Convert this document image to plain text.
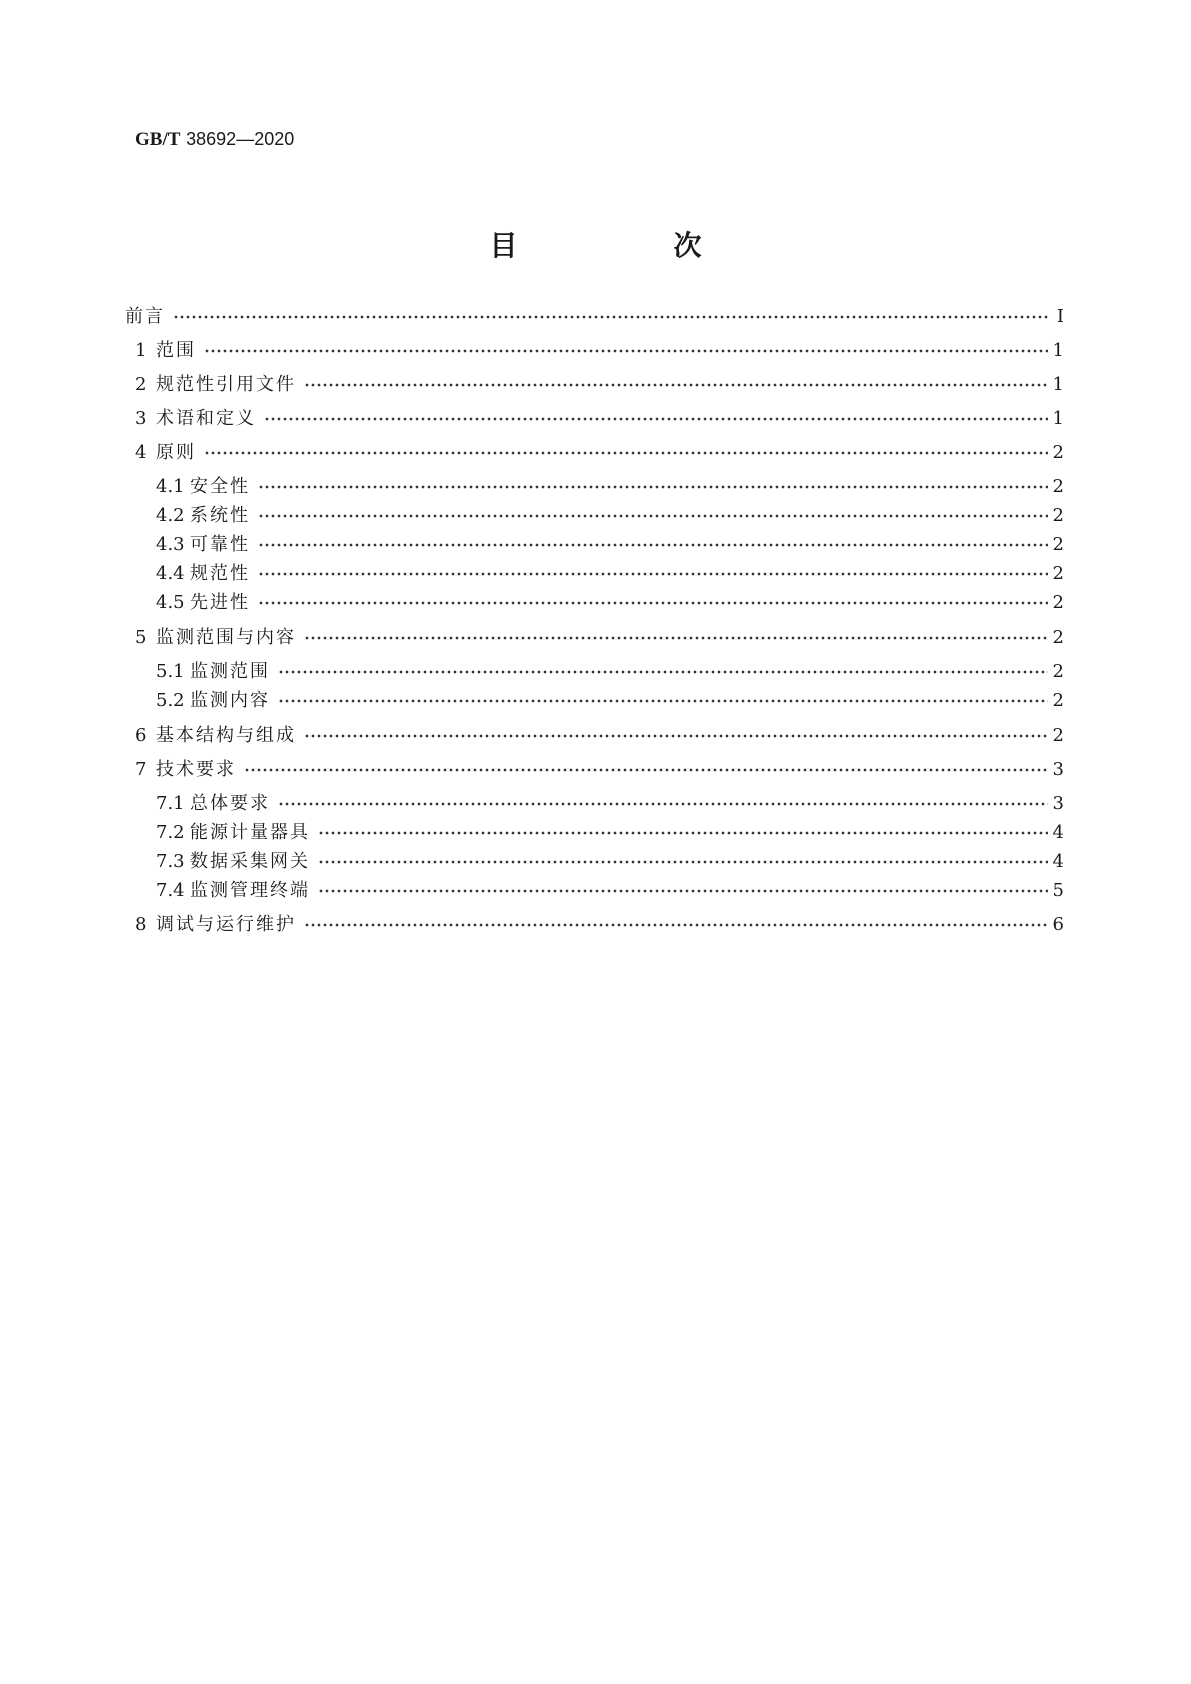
GB/T 38692—2020
目　次
前言	Ⅰ
1 范围	1
2 规范性引用文件	1
3 术语和定义	1
4 原则	2
4.1 安全性	2
4.2 系统性	2
4.3 可靠性	2
4.4 规范性	2
4.5 先进性	2
5 监测范围与内容	2
5.1 监测范围	2
5.2 监测内容	2
6 基本结构与组成	2
7 技术要求	3
7.1 总体要求	3
7.2 能源计量器具	4
7.3 数据采集网关	4
7.4 监测管理终端	5
8 调试与运行维护	6
